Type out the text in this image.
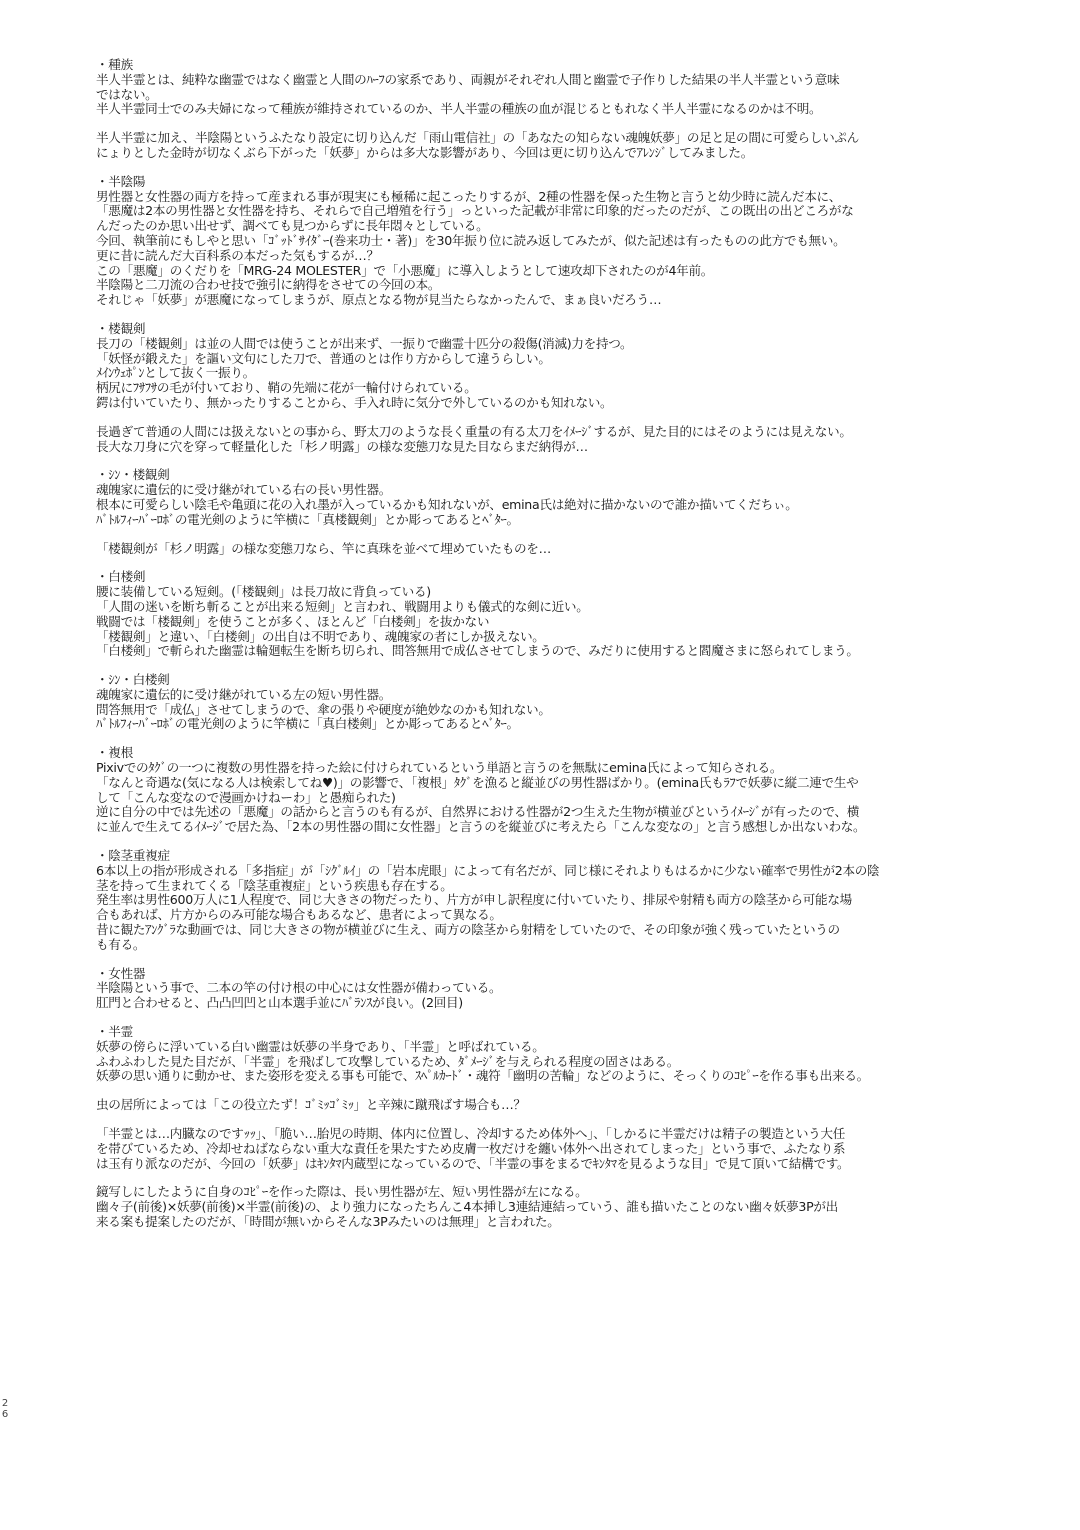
・種族
半人半霊とは、純粋な幽霊ではなく幽霊と人間のﾊｰﾌの家系であり、両親がそれぞれ人間と幽霊で子作りした結果の半人半霊という意味
ではない。
半人半霊同士でのみ夫婦になって種族が維持されているのか、半人半霊の種族の血が混じるともれなく半人半霊になるのかは不明。
半人半霊に加え、半陰陽というふたなり設定に切り込んだ「雨山電信社」の「あなたの知らない魂魄妖夢」の足と足の間に可愛らしいぷん
にょりとした金時が切なくぶら下がった「妖夢」からは多大な影響があり、今回は更に切り込んでｱﾚﾝｼﾞしてみました。
・半陰陽
男性器と女性器の両方を持って産まれる事が現実にも極稀に起こったりするが、2種の性器を保った生物と言うと幼少時に読んだ本に、
「悪魔は2本の男性器と女性器を持ち、それらで自己増殖を行う」っといった記載が非常に印象的だったのだが、この既出の出どころがな
んだったのか思い出せず、調べても見つからずに長年悶々としている。
今回、執筆前にもしやと思い「ｺﾞｯﾄﾞｻｲﾀﾞｰ(巻来功士・著)」を30年振り位に読み返してみたが、似た記述は有ったものの此方でも無い。
更に昔に読んだ大百科系の本だった気もするが…？
この「悪魔」のくだりを「MRG-24 MOLESTER」で「小悪魔」に導入しようとして速攻却下されたのが4年前。
半陰陽と二刀流の合わせ技で強引に納得をさせての今回の本。
それじゃ「妖夢」が悪魔になってしまうが、原点となる物が見当たらなかったんで、まぁ良いだろう…
・楼観剣
長刀の「楼観剣」は並の人間では使うことが出来ず、一振りで幽霊十匹分の殺傷(消滅)力を持つ。
「妖怪が鍛えた」を謳い文句にした刀で、普通のとは作り方からして違うらしい。
ﾒｲﾝｳｪﾎﾟﾝとして抜く一振り。
柄尻にﾌｻﾌｻの毛が付いており、鞘の先端に花が一輪付けられている。
鍔は付いていたり、無かったりすることから、手入れ時に気分で外しているのかも知れない。
長過ぎて普通の人間には扱えないとの事から、野太刀のような長く重量の有る太刀をｲﾒｰｼﾞするが、見た目的にはそのようには見えない。
長大な刀身に穴を穿って軽量化した「杉ノ明露」の様な変態刀な見た目ならまだ納得が…
・ｼﾝ・楼観剣
魂魄家に遺伝的に受け継がれている右の長い男性器。
根本に可愛らしい陰毛や亀頭に花の入れ墨が入っているかも知れないが、emina氏は絶対に描かないので誰か描いてくだちぃ。
ﾊﾞﾄﾙﾌｨｰﾊﾞｰﾛﾎﾞの電光剣のように竿横に「真楼観剣」とか彫ってあるとﾍﾞﾀｰ。
「楼観剣が「杉ノ明露」の様な変態刀なら、竿に真珠を並べて埋めていたものを…
・白楼剣
腰に装備している短剣。(「楼観剣」は長刀故に背負っている)
「人間の迷いを断ち斬ることが出来る短剣」と言われ、戦闘用よりも儀式的な剣に近い。
戦闘では「楼観剣」を使うことが多く、ほとんど「白楼剣」を抜かない
「楼観剣」と違い、「白楼剣」の出自は不明であり、魂魄家の者にしか扱えない。
「白楼剣」で斬られた幽霊は輪廻転生を断ち切られ、問答無用で成仏させてしまうので、みだりに使用すると閻魔さまに怒られてしまう。
・ｼﾝ・白楼剣
魂魄家に遺伝的に受け継がれている左の短い男性器。
問答無用で「成仏」させてしまうので、傘の張りや硬度が絶妙なのかも知れない。
ﾊﾞﾄﾙﾌｨｰﾊﾞｰﾛﾎﾞの電光剣のように竿横に「真白楼剣」とか彫ってあるとﾍﾞﾀｰ。
・複根
Pixivでのﾀｸﾞの一つに複数の男性器を持った絵に付けられているという単語と言うのを無駄にemina氏によって知らされる。
「なんと奇遇な(気になる人は検索してね♥)」の影響で、「複根」ﾀｸﾞを漁ると縦並びの男性器ばかり。(emina氏もﾗﾌで妖夢に縦二連で生や
して「こんな変なので漫画かけねーわ」と愚痴られた)
逆に自分の中では先述の「悪魔」の話からと言うのも有るが、自然界における性器が2つ生えた生物が横並びというｲﾒｰｼﾞが有ったので、横
に並んで生えてるｲﾒｰｼﾞで居た為、「2本の男性器の間に女性器」と言うのを縦並びに考えたら「こんな変なの」と言う感想しか出ないわな。
・陰茎重複症
6本以上の指が形成される「多指症」が「ｼｸﾞﾙｲ」の「岩本虎眼」によって有名だが、同じ様にそれよりもはるかに少ない確率で男性が2本の陰
茎を持って生まれてくる「陰茎重複症」という疾患も存在する。
発生率は男性600万人に1人程度で、同じ大きさの物だったり、片方が申し訳程度に付いていたり、排尿や射精も両方の陰茎から可能な場
合もあれば、片方からのみ可能な場合もあるなど、患者によって異なる。
昔に観たｱﾝｸﾞﾗな動画では、同じ大きさの物が横並びに生え、両方の陰茎から射精をしていたので、その印象が強く残っていたというの
も有る。
・女性器
半陰陽という事で、二本の竿の付け根の中心には女性器が備わっている。
肛門と合わせると、凸凸凹凹と山本選手並にﾊﾞﾗﾝｽが良い。(2回目)
・半霊
妖夢の傍らに浮いている白い幽霊は妖夢の半身であり、「半霊」と呼ばれている。
ふわふわした見た目だが、「半霊」を飛ばして攻撃しているため、ﾀﾞﾒｰｼﾞを与えられる程度の固さはある。
妖夢の思い通りに動かせ、また姿形を変える事も可能で、ｽﾍﾟﾙｶｰﾄﾞ・魂符「幽明の苦輪」などのように、そっくりのｺﾋﾟｰを作る事も出来る。
虫の居所によっては「この役立たず！ｺﾞﾐｯｺﾞﾐｯ」と辛辣に蹴飛ばす場合も…？
「半霊とは…内臓なのですｯｯ」、「脆い…胎児の時期、体内に位置し、冷却するため体外へ」、「しかるに半霊だけは精子の製造という大任
を帯びているため、冷却せねばならない重大な責任を果たすため皮膚一枚だけを纏い体外へ出されてしまった」という事で、ふたなり系
は玉有り派なのだが、今回の「妖夢」はｷﾝﾀﾏ内蔵型になっているので、「半霊の事をまるでｷﾝﾀﾏを見るような目」で見て頂いて結構です。
鏡写しにしたように自身のｺﾋﾟｰを作った際は、長い男性器が左、短い男性器が左になる。
幽々子(前後)×妖夢(前後)×半霊(前後)の、より強力になったちんこ4本挿し3連結連結っていう、誰も描いたことのない幽々妖夢3Pが出
来る案も提案したのだが、「時間が無いからそんな3Pみたいのは無理」と言われた。
26
